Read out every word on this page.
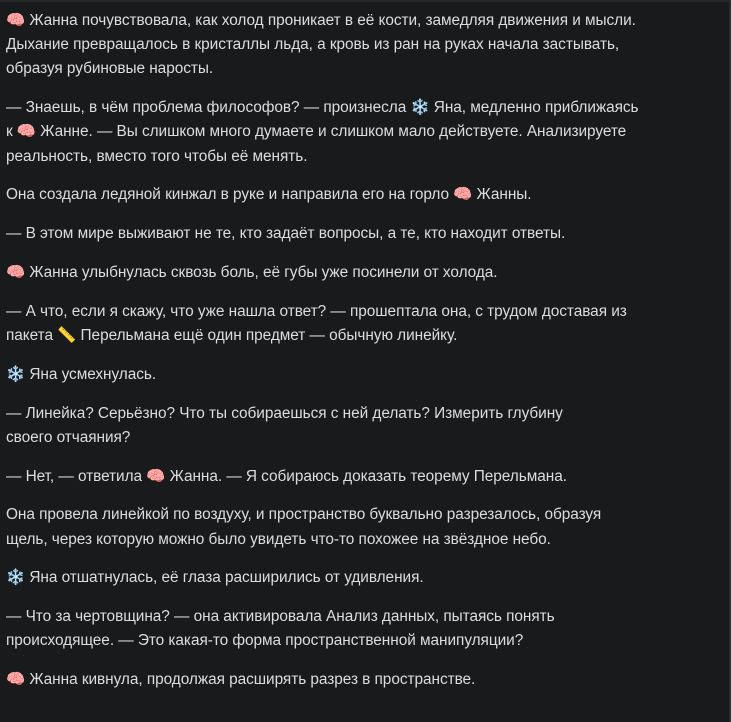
🧠 Жанна почувствовала, как холод проникает в её кости, замедляя движения и мысли.
Дыхание превращалось в кристаллы льда, а кровь из ран на руках начала застывать,
образуя рубиновые наросты.

— Знаешь, в чём проблема философов? — произнесла ❄️ Яна, медленно приближаясь
к 🧠 Жанне. — Вы слишком много думаете и слишком мало действуете. Анализируете
реальность, вместо того чтобы её менять.

Она создала ледяной кинжал в руке и направила его на горло 🧠 Жанны.

— В этом мире выживают не те, кто задаёт вопросы, а те, кто находит ответы.

🧠 Жанна улыбнулась сквозь боль, её губы уже посинели от холода.

— А что, если я скажу, что уже нашла ответ? — прошептала она, с трудом доставая из
пакета 📏 Перельмана ещё один предмет — обычную линейку.

❄️ Яна усмехнулась.

— Линейка? Серьёзно? Что ты собираешься с ней делать? Измерить глубину
своего отчаяния?

— Нет, — ответила 🧠 Жанна. — Я собираюсь доказать теорему Перельмана.

Она провела линейкой по воздуху, и пространство буквально разрезалось, образуя
щель, через которую можно было увидеть что-то похожее на звёздное небо.

❄️ Яна отшатнулась, её глаза расширились от удивления.

— Что за чертовщина? — она активировала Анализ данных, пытаясь понять
происходящее. — Это какая-то форма пространственной манипуляции?

🧠 Жанна кивнула, продолжая расширять разрез в пространстве.
